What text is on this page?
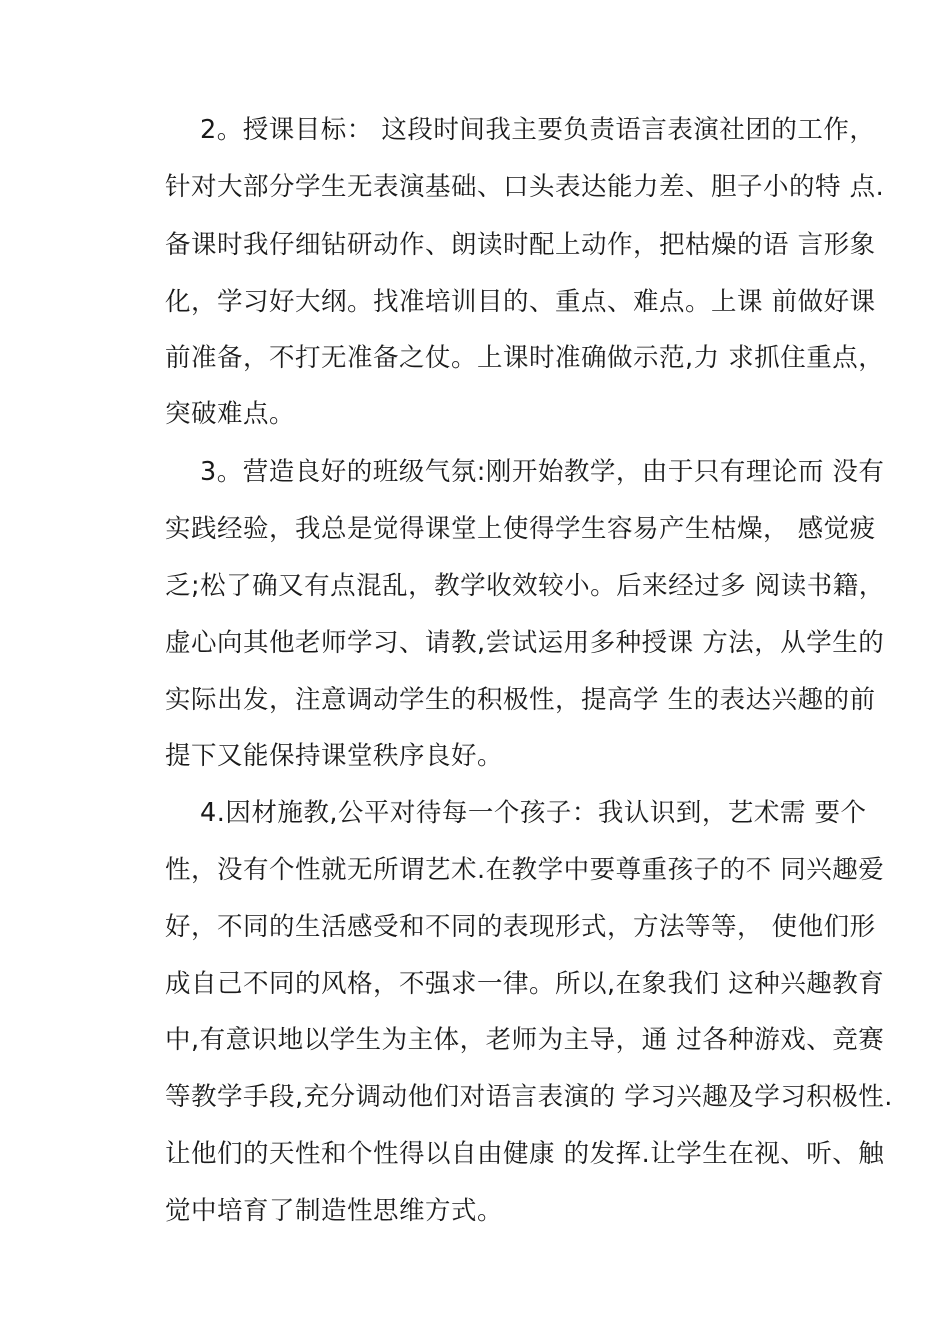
2。授课目标： 这段时间我主要负责语言表演社团的工作，
针对大部分学生无表演基础、口头表达能力差、胆子小的特 点.
备课时我仔细钻研动作、朗读时配上动作，把枯燥的语 言形象
化，学习好大纲。找准培训目的、重点、难点。上课 前做好课
前准备，不打无准备之仗。上课时准确做示范,力 求抓住重点，
突破难点。
3。营造良好的班级气氛:刚开始教学，由于只有理论而 没有
实践经验，我总是觉得课堂上使得学生容易产生枯燥， 感觉疲
乏;松了确又有点混乱，教学收效较小。后来经过多 阅读书籍，
虚心向其他老师学习、请教,尝试运用多种授课 方法，从学生的
实际出发，注意调动学生的积极性，提高学 生的表达兴趣的前
提下又能保持课堂秩序良好。
4.因材施教,公平对待每一个孩子：我认识到，艺术需 要个
性，没有个性就无所谓艺术.在教学中要尊重孩子的不 同兴趣爱
好，不同的生活感受和不同的表现形式，方法等等， 使他们形
成自己不同的风格，不强求一律。所以,在象我们 这种兴趣教育
中,有意识地以学生为主体，老师为主导，通 过各种游戏、竞赛
等教学手段,充分调动他们对语言表演的 学习兴趣及学习积极性.
让他们的天性和个性得以自由健康 的发挥.让学生在视、听、触
觉中培育了制造性思维方式。
